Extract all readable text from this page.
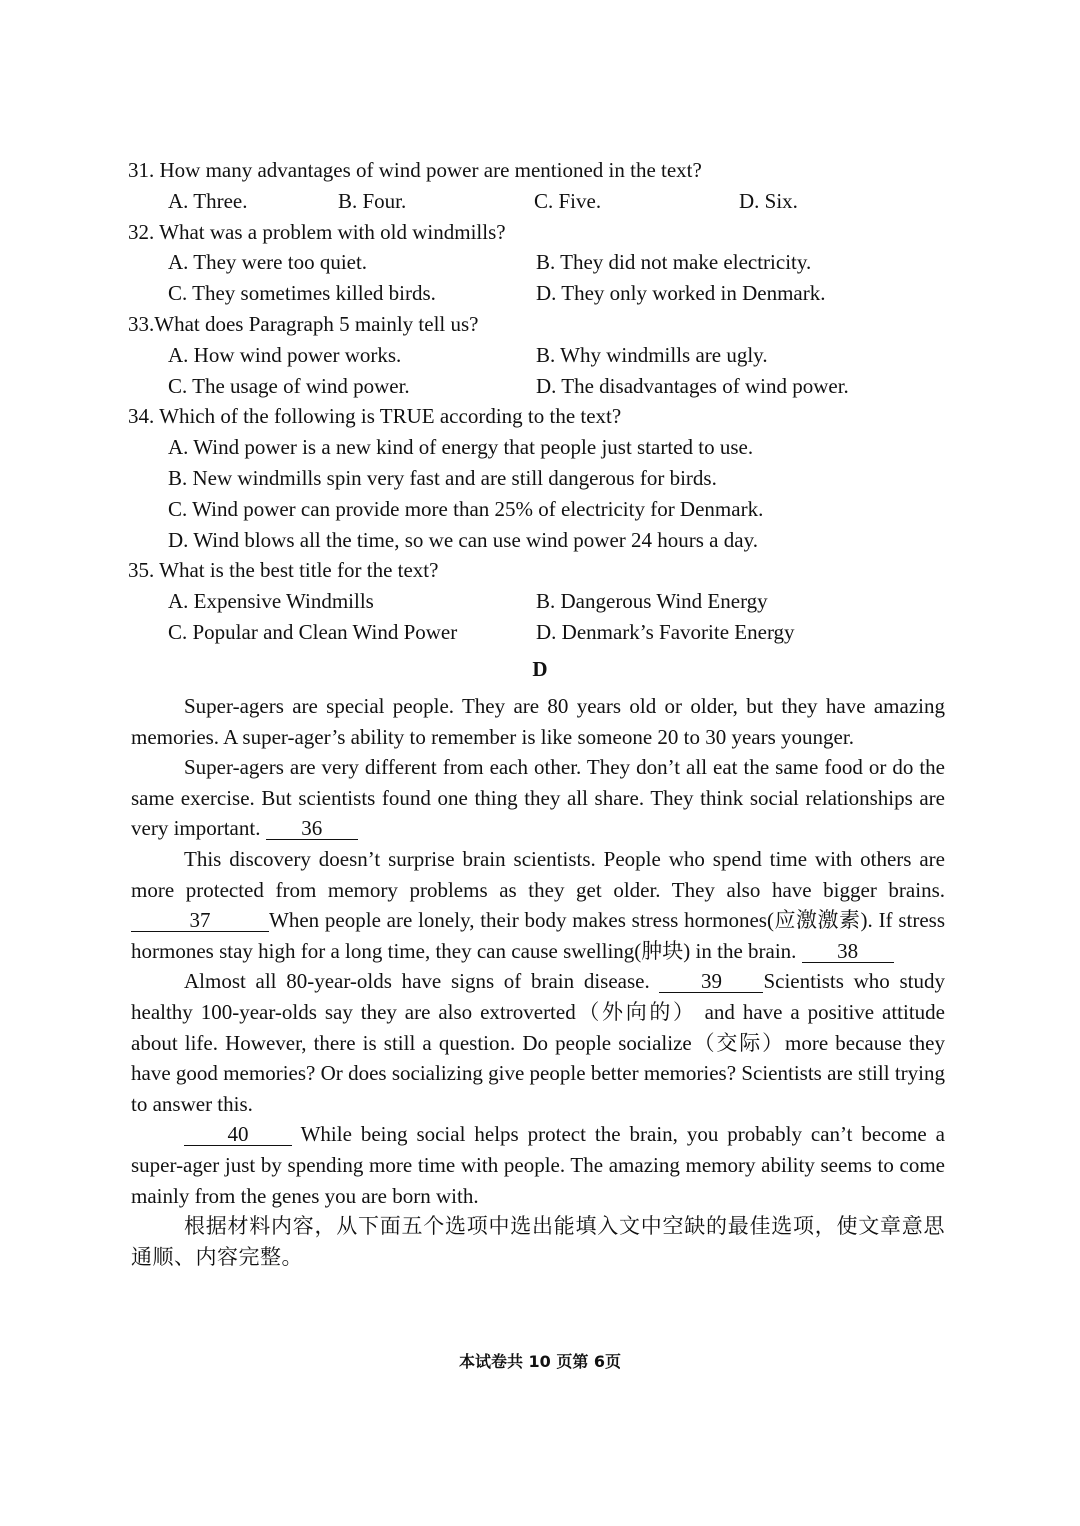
31. How many advantages of wind power are mentioned in the text?
A. Three.	B. Four.	C. Five.	D. Six.
32. What was a problem with old windmills?
A. They were too quiet.	B. They did not make electricity.
C. They sometimes killed birds.	D. They only worked in Denmark.
33.What does Paragraph 5 mainly tell us?
A. How wind power works.	B. Why windmills are ugly.
C. The usage of wind power.	D. The disadvantages of wind power.
34. Which of the following is TRUE according to the text?
A. Wind power is a new kind of energy that people just started to use.
B. New windmills spin very fast and are still dangerous for birds.
C. Wind power can provide more than 25% of electricity for Denmark.
D. Wind blows all the time, so we can use wind power 24 hours a day.
35. What is the best title for the text?
A. Expensive Windmills	B. Dangerous Wind Energy
C. Popular and Clean Wind Power	D. Denmark’s Favorite Energy
D

Super-agers are special people. They are 80 years old or older, but they have amazing memories. A super-ager’s ability to remember is like someone 20 to 30 years younger.

Super-agers are very different from each other. They don’t all eat the same food or do the same exercise. But scientists found one thing they all share. They think social relationships are very important. 36

This discovery doesn’t surprise brain scientists. People who spend time with others are more protected from memory problems as they get older. They also have bigger brains. 37	When people are lonely, their body makes stress hormones(应激激素). If stress hormones stay high for a long time, they can cause swelling(肿块) in the brain. 38

Almost all 80-year-olds have signs of brain disease. 39 Scientists who study healthy 100-year-olds say they are also extroverted（外向的） and have a positive attitude about life. However, there is still a question. Do people socialize（交际）more because they have good memories? Or does socializing give people better memories? Scientists are still trying to answer this.

40 While being social helps protect the brain, you probably can’t become a super-ager just by spending more time with people. The amazing memory ability seems to come mainly from the genes you are born with.

根据材料内容，从下面五个选项中选出能填入文中空缺的最佳选项，使文章意思通顺、内容完整。

本试卷共 10 页第 6页
